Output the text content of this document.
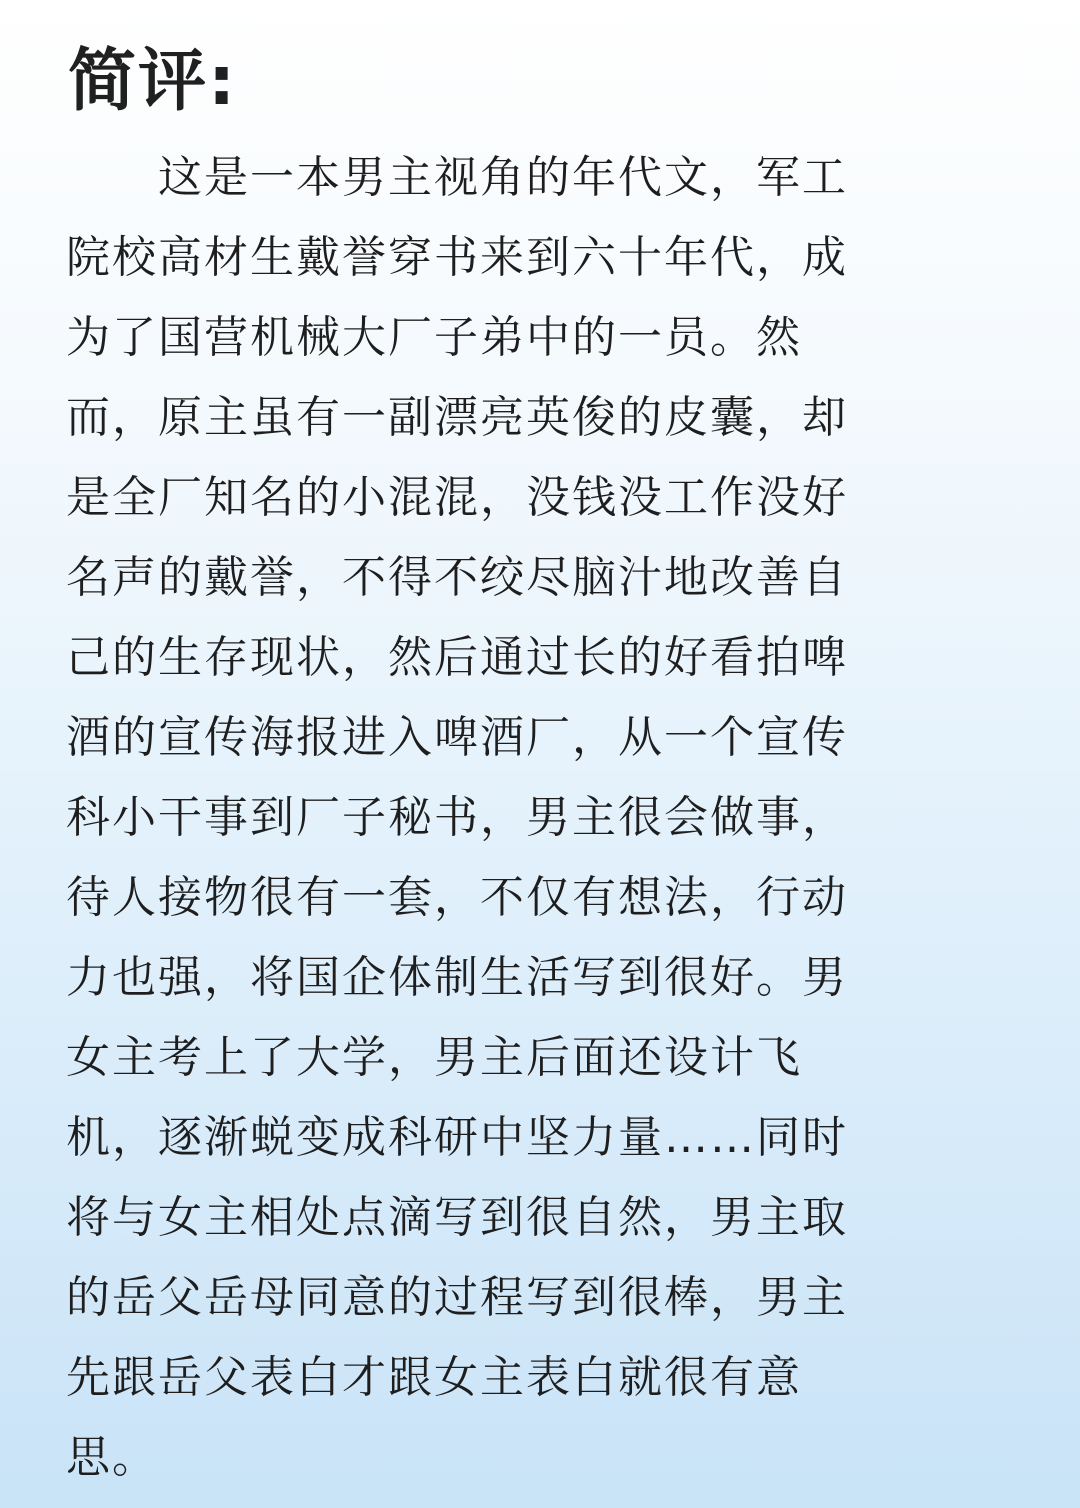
简评:
　　这是一本男主视角的年代文，军工
院校高材生戴誉穿书来到六十年代，成
为了国营机械大厂子弟中的一员。然
而，原主虽有一副漂亮英俊的皮囊，却
是全厂知名的小混混，没钱没工作没好
名声的戴誉，不得不绞尽脑汁地改善自
己的生存现状，然后通过长的好看拍啤
酒的宣传海报进入啤酒厂，从一个宣传
科小干事到厂子秘书，男主很会做事，
待人接物很有一套，不仅有想法，行动
力也强，将国企体制生活写到很好。男
女主考上了大学，男主后面还设计飞
机，逐渐蜕变成科研中坚力量……同时
将与女主相处点滴写到很自然，男主取
的岳父岳母同意的过程写到很棒，男主
先跟岳父表白才跟女主表白就很有意
思。
